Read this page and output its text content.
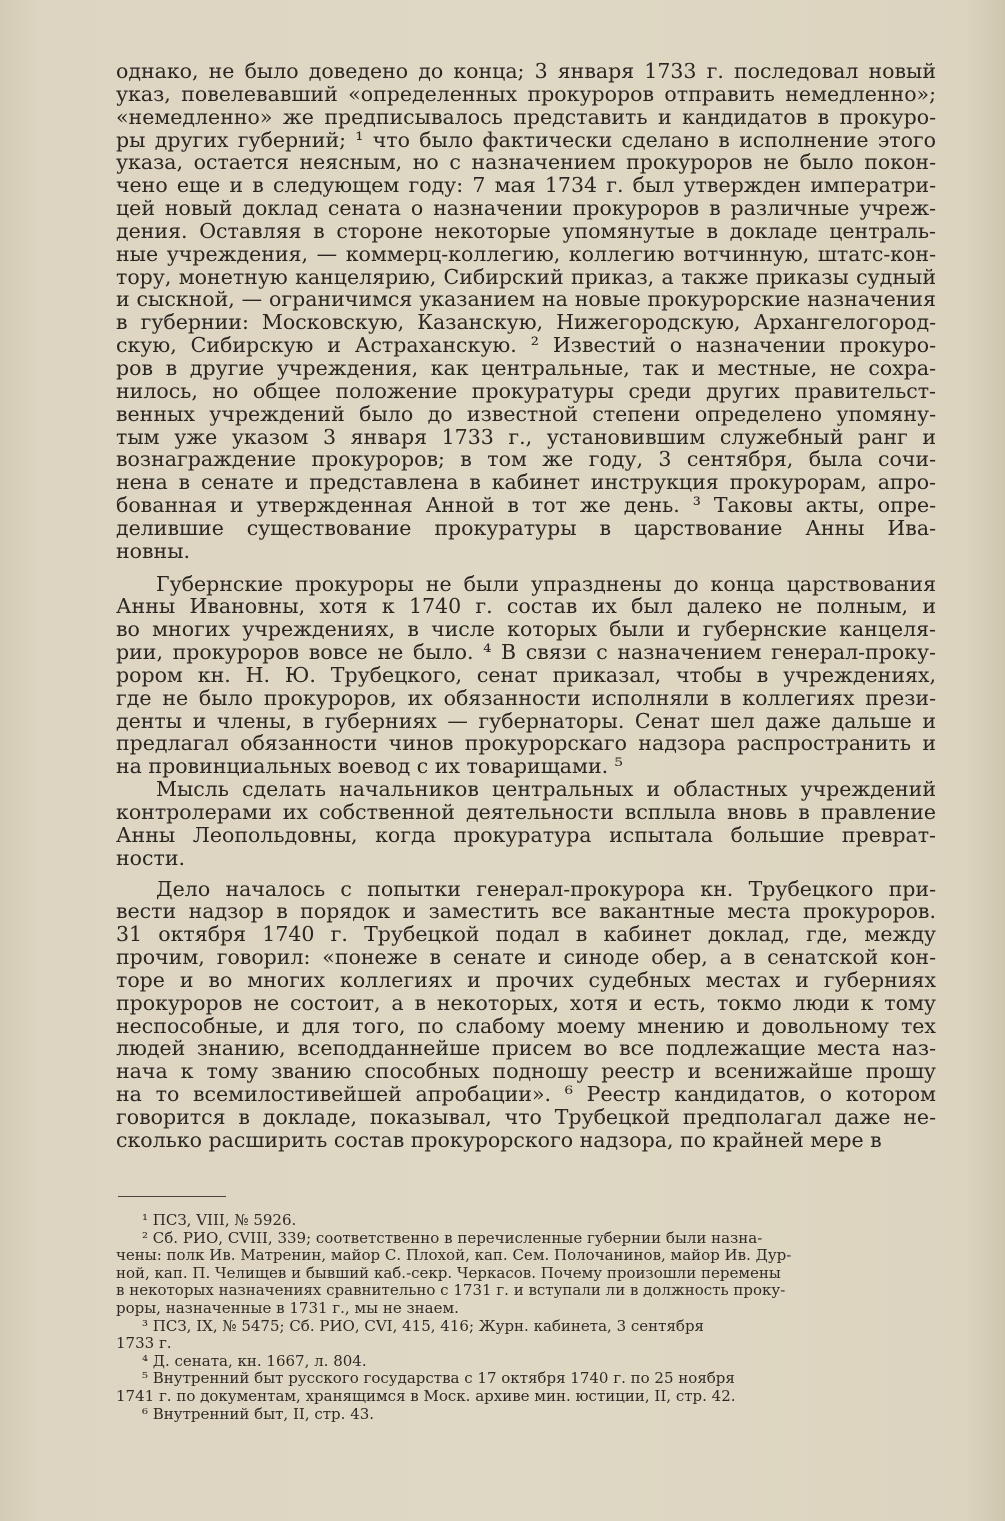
однако, не было доведено до конца; 3 января 1733 г. последовал новый
указ, повелевавший «определенных прокуроров отправить немедленно»;
«немедленно» же предписывалось представить и кандидатов в прокуро-
ры других губерний; ¹ что было фактически сделано в исполнение этого
указа, остается неясным, но с назначением прокуроров не было покон-
чено еще и в следующем году: 7 мая 1734 г. был утвержден императри-
цей новый доклад сената о назначении прокуроров в различные учреж-
дения. Оставляя в стороне некоторые упомянутые в докладе централь-
ные учреждения, — коммерц-коллегию, коллегию вотчинную, штатс-кон-
тору, монетную канцелярию, Сибирский приказ, а также приказы судный
и сыскной, — ограничимся указанием на новые прокурорские назначения
в губернии: Московскую, Казанскую, Нижегородскую, Архангелогород-
скую, Сибирскую и Астраханскую. ² Известий о назначении прокуро-
ров в другие учреждения, как центральные, так и местные, не сохра-
нилось, но общее положение прокуратуры среди других правительст-
венных учреждений было до известной степени определено упомяну-
тым уже указом 3 января 1733 г., установившим служебный ранг и
вознаграждение прокуроров; в том же году, 3 сентября, была сочи-
нена в сенате и представлена в кабинет инструкция прокурорам, апро-
бованная и утвержденная Анной в тот же день. ³ Таковы акты, опре-
делившие существование прокуратуры в царствование Анны Ива-
новны.

Губернские прокуроры не были упразднены до конца царствования
Анны Ивановны, хотя к 1740 г. состав их был далеко не полным, и
во многих учреждениях, в числе которых были и губернские канцеля-
рии, прокуроров вовсе не было. ⁴ В связи с назначением генерал-проку-
рором кн. Н. Ю. Трубецкого, сенат приказал, чтобы в учреждениях,
где не было прокуроров, их обязанности исполняли в коллегиях прези-
денты и члены, в губерниях — губернаторы. Сенат шел даже дальше и
предлагал обязанности чинов прокурорскаго надзора распространить и
на провинциальных воевод с их товарищами. ⁵

Мысль сделать начальников центральных и областных учреждений
контролерами их собственной деятельности всплыла вновь в правление
Анны Леопольдовны, когда прокуратура испытала большие преврат-
ности.

Дело началось с попытки генерал-прокурора кн. Трубецкого при-
вести надзор в порядок и заместить все вакантные места прокуроров.
31 октября 1740 г. Трубецкой подал в кабинет доклад, где, между
прочим, говорил: «понеже в сенате и синоде обер, а в сенатской кон-
торе и во многих коллегиях и прочих судебных местах и губерниях
прокуроров не состоит, а в некоторых, хотя и есть, токмо люди к тому
неспособные, и для того, по слабому моему мнению и довольному тех
людей знанию, всеподданнейше присем во все подлежащие места наз-
нача к тому званию способных подношу реестр и всенижайше прошу
на то всемилостивейшей апробации». ⁶ Реестр кандидатов, о котором
говорится в докладе, показывал, что Трубецкой предполагал даже не-
сколько расширить состав прокурорского надзора, по крайней мере в

¹ ПСЗ, VIII, № 5926.

² Сб. РИО, CVIII, 339; соответственно в перечисленные губернии были назна-
чены: полк Ив. Матренин, майор С. Плохой, кап. Сем. Полочанинов, майор Ив. Дур-
ной, кап. П. Челищев и бывший каб.-секр. Черкасов. Почему произошли перемены
в некоторых назначениях сравнительно с 1731 г. и вступали ли в должность проку-
роры, назначенные в 1731 г., мы не знаем.

³ ПСЗ, IX, № 5475; Сб. РИО, CVI, 415, 416; Журн. кабинета, 3 сентября
1733 г.

⁴ Д. сената, кн. 1667, л. 804.

⁵ Внутренний быт русского государства с 17 октября 1740 г. по 25 ноября
1741 г. по документам, хранящимся в Моск. архиве мин. юстиции, II, стр. 42.

⁶ Внутренний быт, II, стр. 43.
